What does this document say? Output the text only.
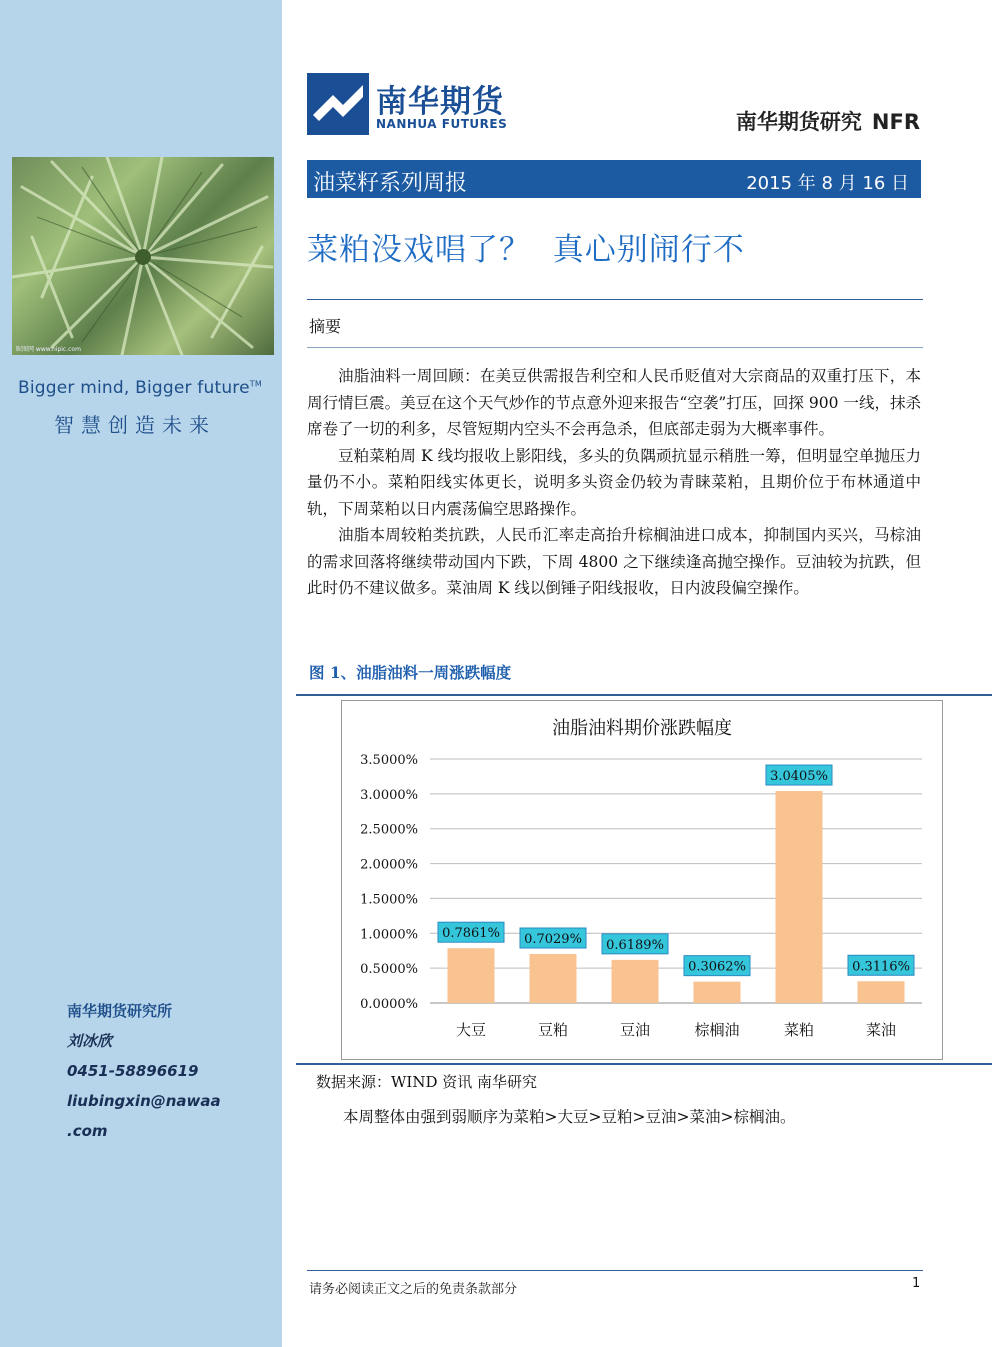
昵图网 www.nipic.com
Bigger mind, Bigger future™
智慧创造未来
南华期货研究所
刘冰欣
0451-58896619
liubingxin@nawaa
.com
南华期货
NANHUA FUTURES	南华期货研究 NFR
油菜籽系列周报	2015 年 8 月 16 日
菜粕没戏唱了？  真心别闹行不
摘要

油脂油料一周回顾：在美豆供需报告利空和人民币贬值对大宗商品的双重打压下，本周行情巨震。美豆在这个天气炒作的节点意外迎来报告“空袭”打压，回探 900 一线，抹杀席卷了一切的利多，尽管短期内空头不会再急杀，但底部走弱为大概率事件。

豆粕菜粕周 K 线均报收上影阳线，多头的负隅顽抗显示稍胜一筹，但明显空单抛压力量仍不小。菜粕阳线实体更长，说明多头资金仍较为青睐菜粕，且期价位于布林通道中轨，下周菜粕以日内震荡偏空思路操作。

油脂本周较粕类抗跌，人民币汇率走高抬升棕榈油进口成本，抑制国内买兴，马棕油的需求回落将继续带动国内下跌，下周 4800 之下继续逢高抛空操作。豆油较为抗跌，但此时仍不建议做多。菜油周 K 线以倒锤子阳线报收，日内波段偏空操作。

图 1、油脂油料一周涨跌幅度
油脂油料期价涨跌幅度
0.0000%
0.5000%
1.0000%
1.5000%
2.0000%
2.5000%
3.0000%
3.5000%
0.7861% 0.7029% 0.6189%
0.3062%
3.0405%
0.3116%
大豆	豆粕	豆油	棕榈油	菜粕	菜油
数据来源：WIND 资讯 南华研究
本周整体由强到弱顺序为菜粕>大豆>豆粕>豆油>菜油>棕榈油。
请务必阅读正文之后的免责条款部分	1
